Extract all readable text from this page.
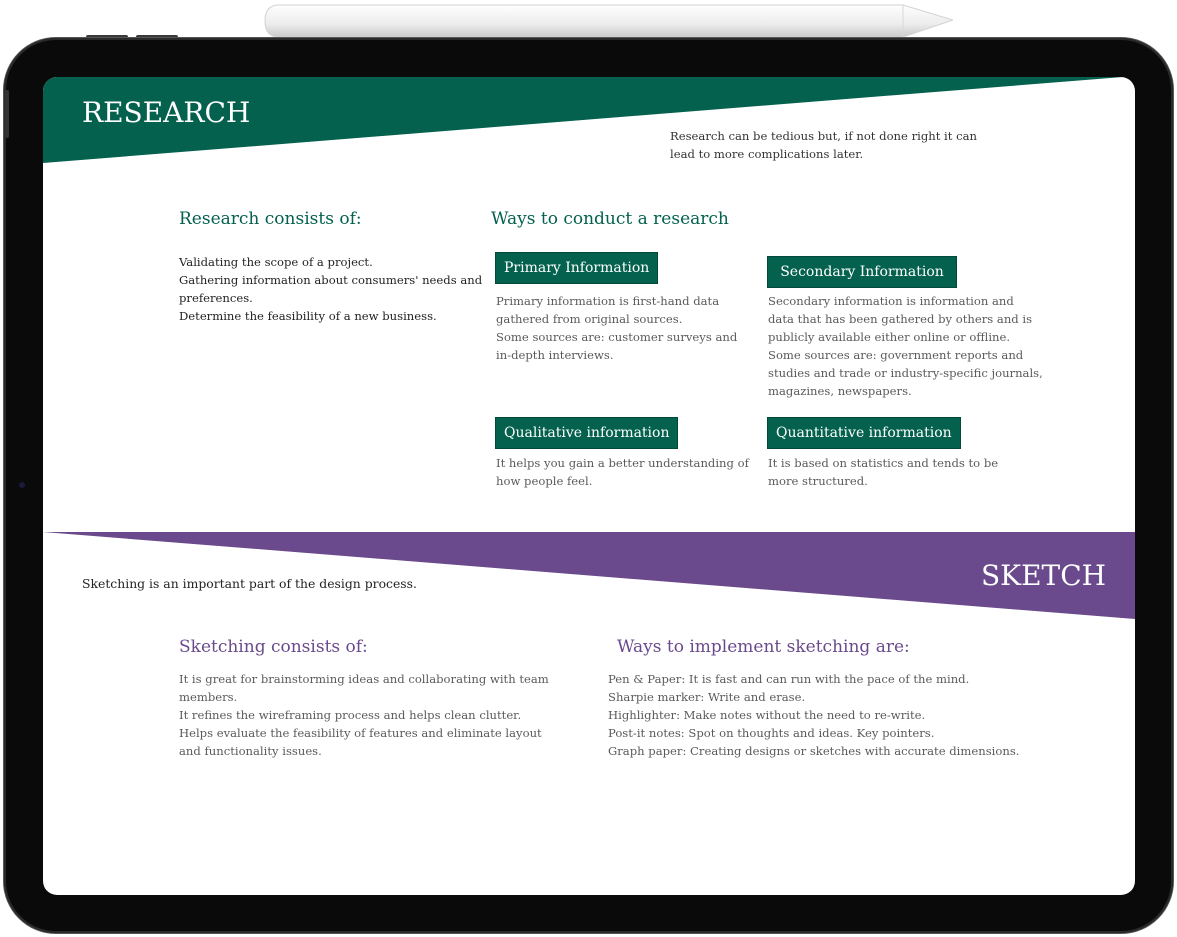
RESEARCH
Research can be tedious but, if not done right it can
lead to more complications later.
Research consists of:
Validating the scope of a project.
Gathering information about consumers' needs and
preferences.
Determine the feasibility of a new business.
Ways to conduct a research
Primary Information
Primary information is first-hand data
gathered from original sources.
Some sources are: customer surveys and
in-depth interviews.
Secondary Information
Secondary information is information and
data that has been gathered by others and is
publicly available either online or offline.
Some sources are: government reports and
studies and trade or industry-specific journals,
magazines, newspapers.
Qualitative information
It helps you gain a better understanding of
how people feel.
Quantitative information
It is based on statistics and tends to be
more structured.
SKETCH
Sketching is an important part of the design process.
Sketching consists of:
It is great for brainstorming ideas and collaborating with team
members.
It refines the wireframing process and helps clean clutter.
Helps evaluate the feasibility of features and eliminate layout
and functionality issues.
Ways to implement sketching are:
Pen & Paper: It is fast and can run with the pace of the mind.
Sharpie marker: Write and erase.
Highlighter: Make notes without the need to re-write.
Post-it notes: Spot on thoughts and ideas. Key pointers.
Graph paper: Creating designs or sketches with accurate dimensions.
